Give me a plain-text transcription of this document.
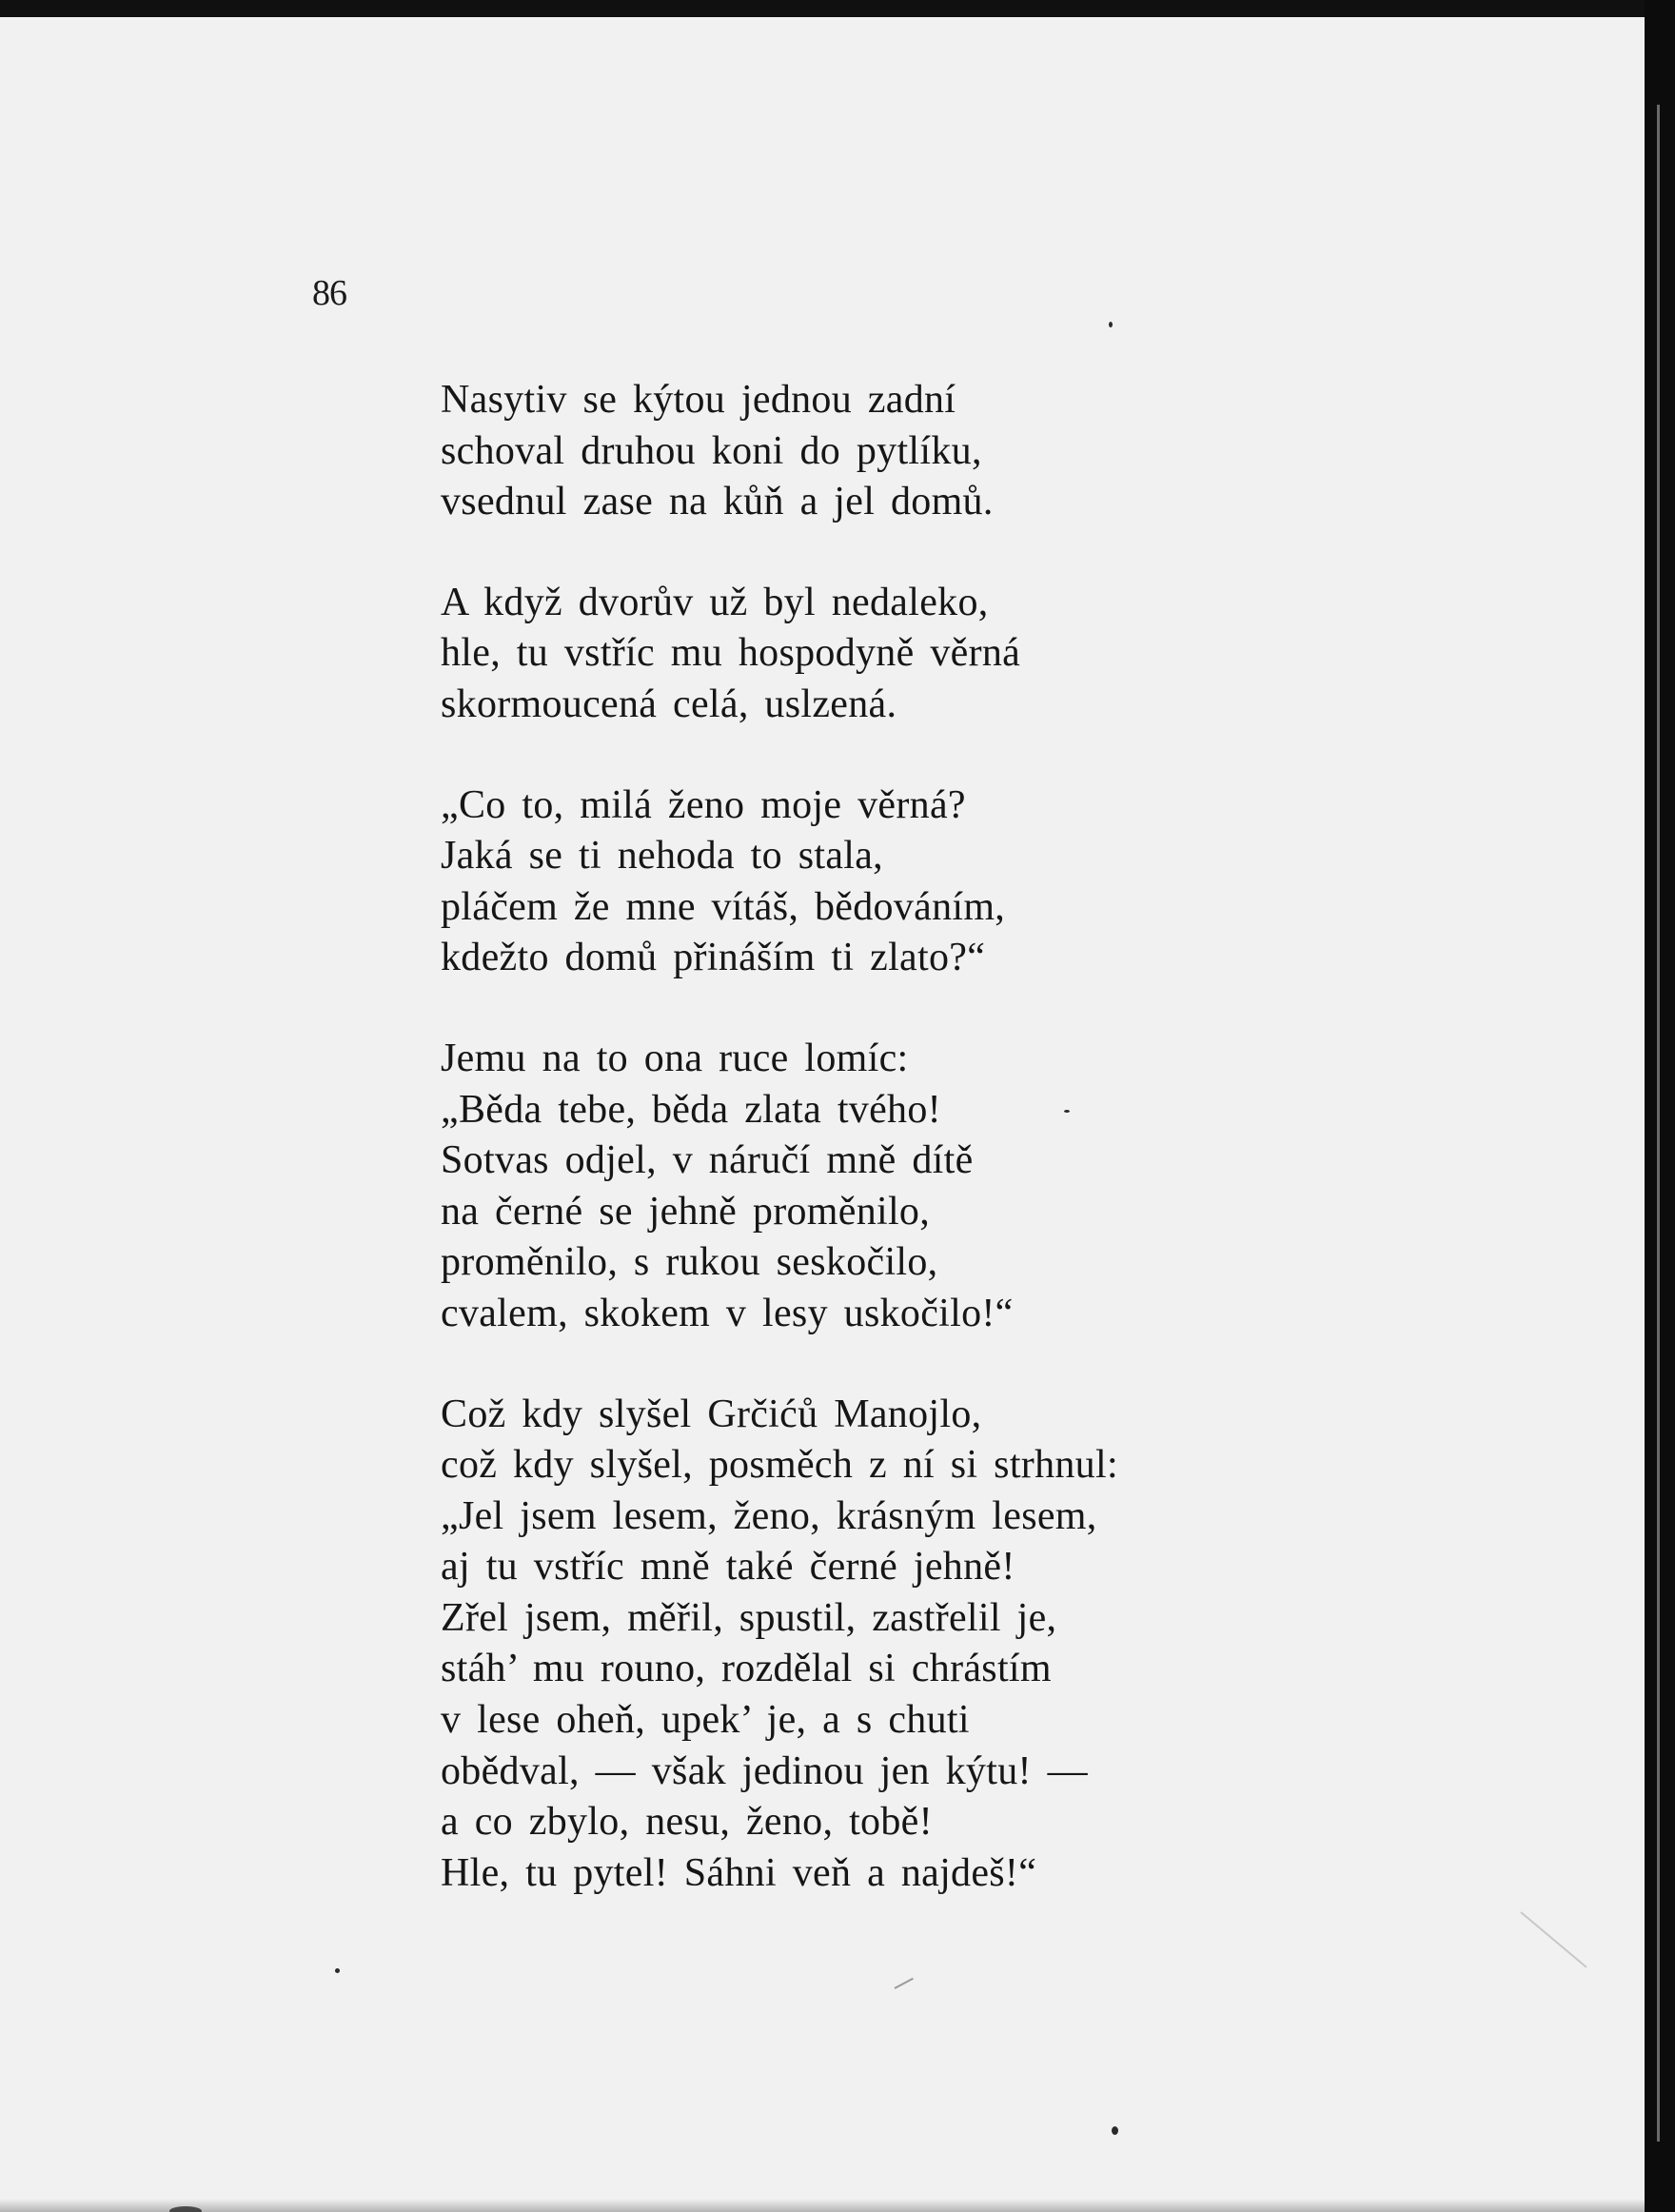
86
Nasytiv se kýtou jednou zadní
schoval druhou koni do pytlíku,
vsednul zase na kůň a jel domů.
A když dvorův už byl nedaleko,
hle, tu vstříc mu hospodyně věrná
skormoucená celá, uslzená.
„Co to, milá ženo moje věrná?
Jaká se ti nehoda to stala,
pláčem že mne vítáš, bědováním,
kdežto domů přináším ti zlato?“
Jemu na to ona ruce lomíc:
„Běda tebe, běda zlata tvého!
Sotvas odjel, v náručí mně dítě
na černé se jehně proměnilo,
proměnilo, s rukou seskočilo,
cvalem, skokem v lesy uskočilo!“
Což kdy slyšel Grčićů Manojlo,
což kdy slyšel, posměch z ní si strhnul:
„Jel jsem lesem, ženo, krásným lesem,
aj tu vstříc mně také černé jehně!
Zřel jsem, měřil, spustil, zastřelil je,
stáh’ mu rouno, rozdělal si chrástím
v lese oheň, upek’ je, a s chuti
obědval, — však jedinou jen kýtu! —
a co zbylo, nesu, ženo, tobě!
Hle, tu pytel! Sáhni veň a najdeš!“
